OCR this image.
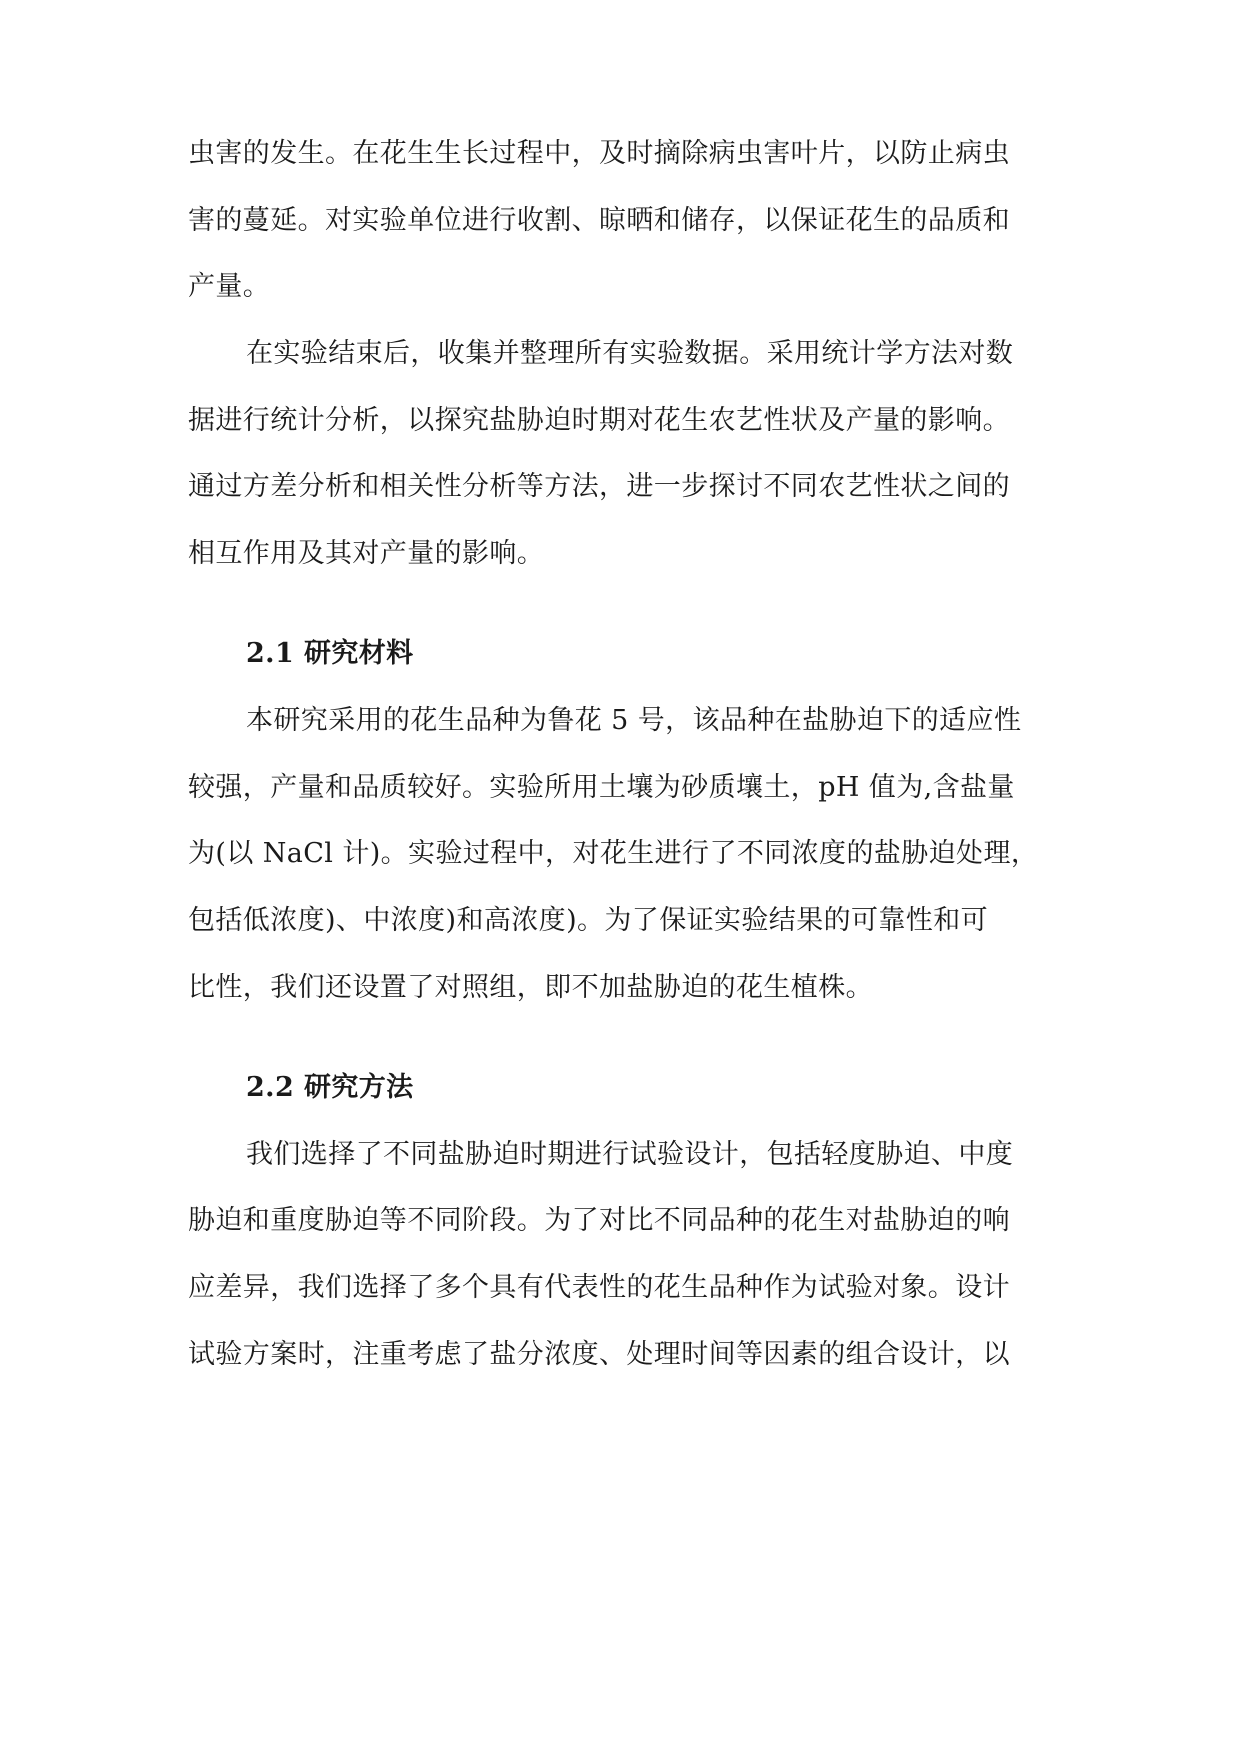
虫害的发生。在花生生长过程中，及时摘除病虫害叶片，以防止病虫
害的蔓延。对实验单位进行收割、晾晒和储存，以保证花生的品质和
产量。
在实验结束后，收集并整理所有实验数据。采用统计学方法对数
据进行统计分析，以探究盐胁迫时期对花生农艺性状及产量的影响。
通过方差分析和相关性分析等方法，进一步探讨不同农艺性状之间的
相互作用及其对产量的影响。
2.1 研究材料
本研究采用的花生品种为鲁花 5 号，该品种在盐胁迫下的适应性
较强，产量和品质较好。实验所用土壤为砂质壤土，pH 值为,含盐量
为(以 NaCl 计)。实验过程中，对花生进行了不同浓度的盐胁迫处理，
包括低浓度)、中浓度)和高浓度)。为了保证实验结果的可靠性和可
比性，我们还设置了对照组，即不加盐胁迫的花生植株。
2.2 研究方法
我们选择了不同盐胁迫时期进行试验设计，包括轻度胁迫、中度
胁迫和重度胁迫等不同阶段。为了对比不同品种的花生对盐胁迫的响
应差异，我们选择了多个具有代表性的花生品种作为试验对象。设计
试验方案时，注重考虑了盐分浓度、处理时间等因素的组合设计，以
